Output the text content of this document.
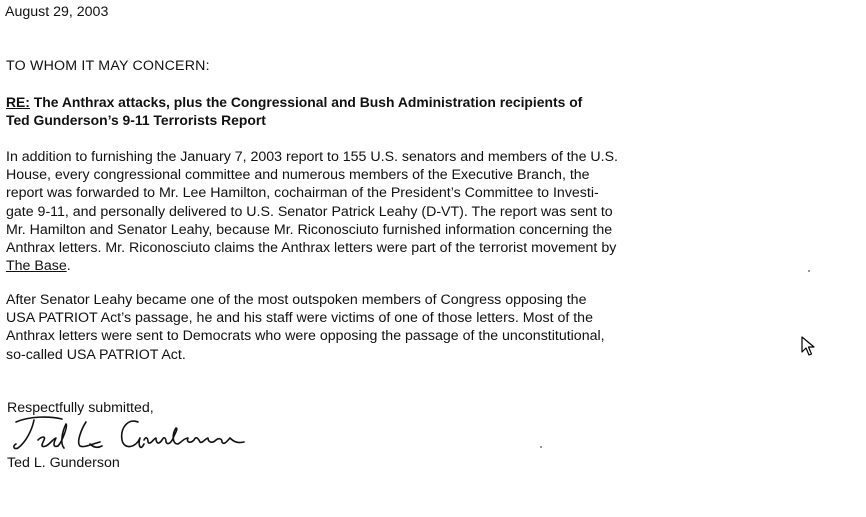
August 29, 2003
TO WHOM IT MAY CONCERN:
RE: The Anthrax attacks, plus the Congressional and Bush Administration recipients of
Ted Gunderson’s 9-11 Terrorists Report
In addition to furnishing the January 7, 2003 report to 155 U.S. senators and members of the U.S.
House, every congressional committee and numerous members of the Executive Branch, the
report was forwarded to Mr. Lee Hamilton, cochairman of the President’s Committee to Investi-
gate 9-11, and personally delivered to U.S. Senator Patrick Leahy (D-VT). The report was sent to
Mr. Hamilton and Senator Leahy, because Mr. Riconosciuto furnished information concerning the
Anthrax letters. Mr. Riconosciuto claims the Anthrax letters were part of the terrorist movement by
The Base.
After Senator Leahy became one of the most outspoken members of Congress opposing the
USA PATRIOT Act’s passage, he and his staff were victims of one of those letters. Most of the
Anthrax letters were sent to Democrats who were opposing the passage of the unconstitutional,
so-called USA PATRIOT Act.
Respectfully submitted,
Ted L. Gunderson
